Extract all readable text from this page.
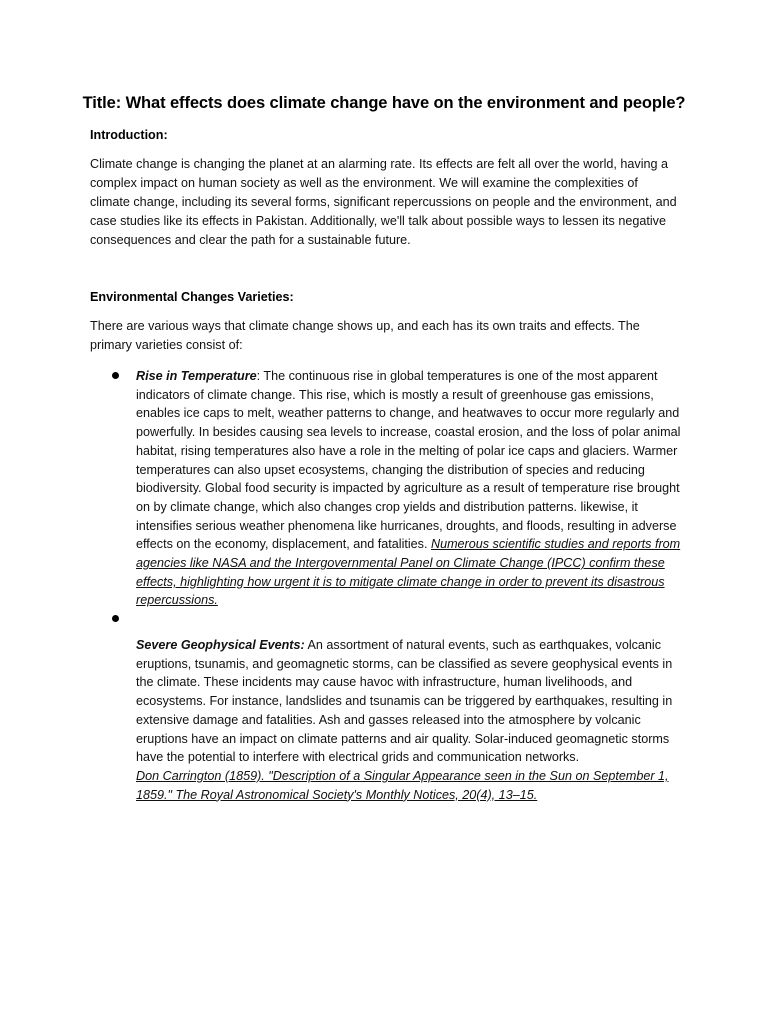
Title: What effects does climate change have on the environment and people?
Introduction:

Climate change is changing the planet at an alarming rate. Its effects are felt all over the world, having a complex impact on human society as well as the environment. We will examine the complexities of climate change, including its several forms, significant repercussions on people and the environment, and case studies like its effects in Pakistan. Additionally, we'll talk about possible ways to lessen its negative consequences and clear the path for a sustainable future.

Environmental Changes Varieties:

There are various ways that climate change shows up, and each has its own traits and effects. The primary varieties consist of:

Rise in Temperature: The continuous rise in global temperatures is one of the most apparent indicators of climate change. This rise, which is mostly a result of greenhouse gas emissions, enables ice caps to melt, weather patterns to change, and heatwaves to occur more regularly and powerfully. In besides causing sea levels to increase, coastal erosion, and the loss of polar animal habitat, rising temperatures also have a role in the melting of polar ice caps and glaciers. Warmer temperatures can also upset ecosystems, changing the distribution of species and reducing biodiversity. Global food security is impacted by agriculture as a result of temperature rise brought on by climate change, which also changes crop yields and distribution patterns. likewise, it intensifies serious weather phenomena like hurricanes, droughts, and floods, resulting in adverse effects on the economy, displacement, and fatalities. Numerous scientific studies and reports from agencies like NASA and the Intergovernmental Panel on Climate Change (IPCC) confirm these effects, highlighting how urgent it is to mitigate climate change in order to prevent its disastrous repercussions.

Severe Geophysical Events: An assortment of natural events, such as earthquakes, volcanic eruptions, tsunamis, and geomagnetic storms, can be classified as severe geophysical events in the climate. These incidents may cause havoc with infrastructure, human livelihoods, and ecosystems. For instance, landslides and tsunamis can be triggered by earthquakes, resulting in extensive damage and fatalities. Ash and gasses released into the atmosphere by volcanic eruptions have an impact on climate patterns and air quality. Solar-induced geomagnetic storms have the potential to interfere with electrical grids and communication networks.
Don Carrington (1859). "Description of a Singular Appearance seen in the Sun on September 1, 1859." The Royal Astronomical Society's Monthly Notices, 20(4), 13–15.
